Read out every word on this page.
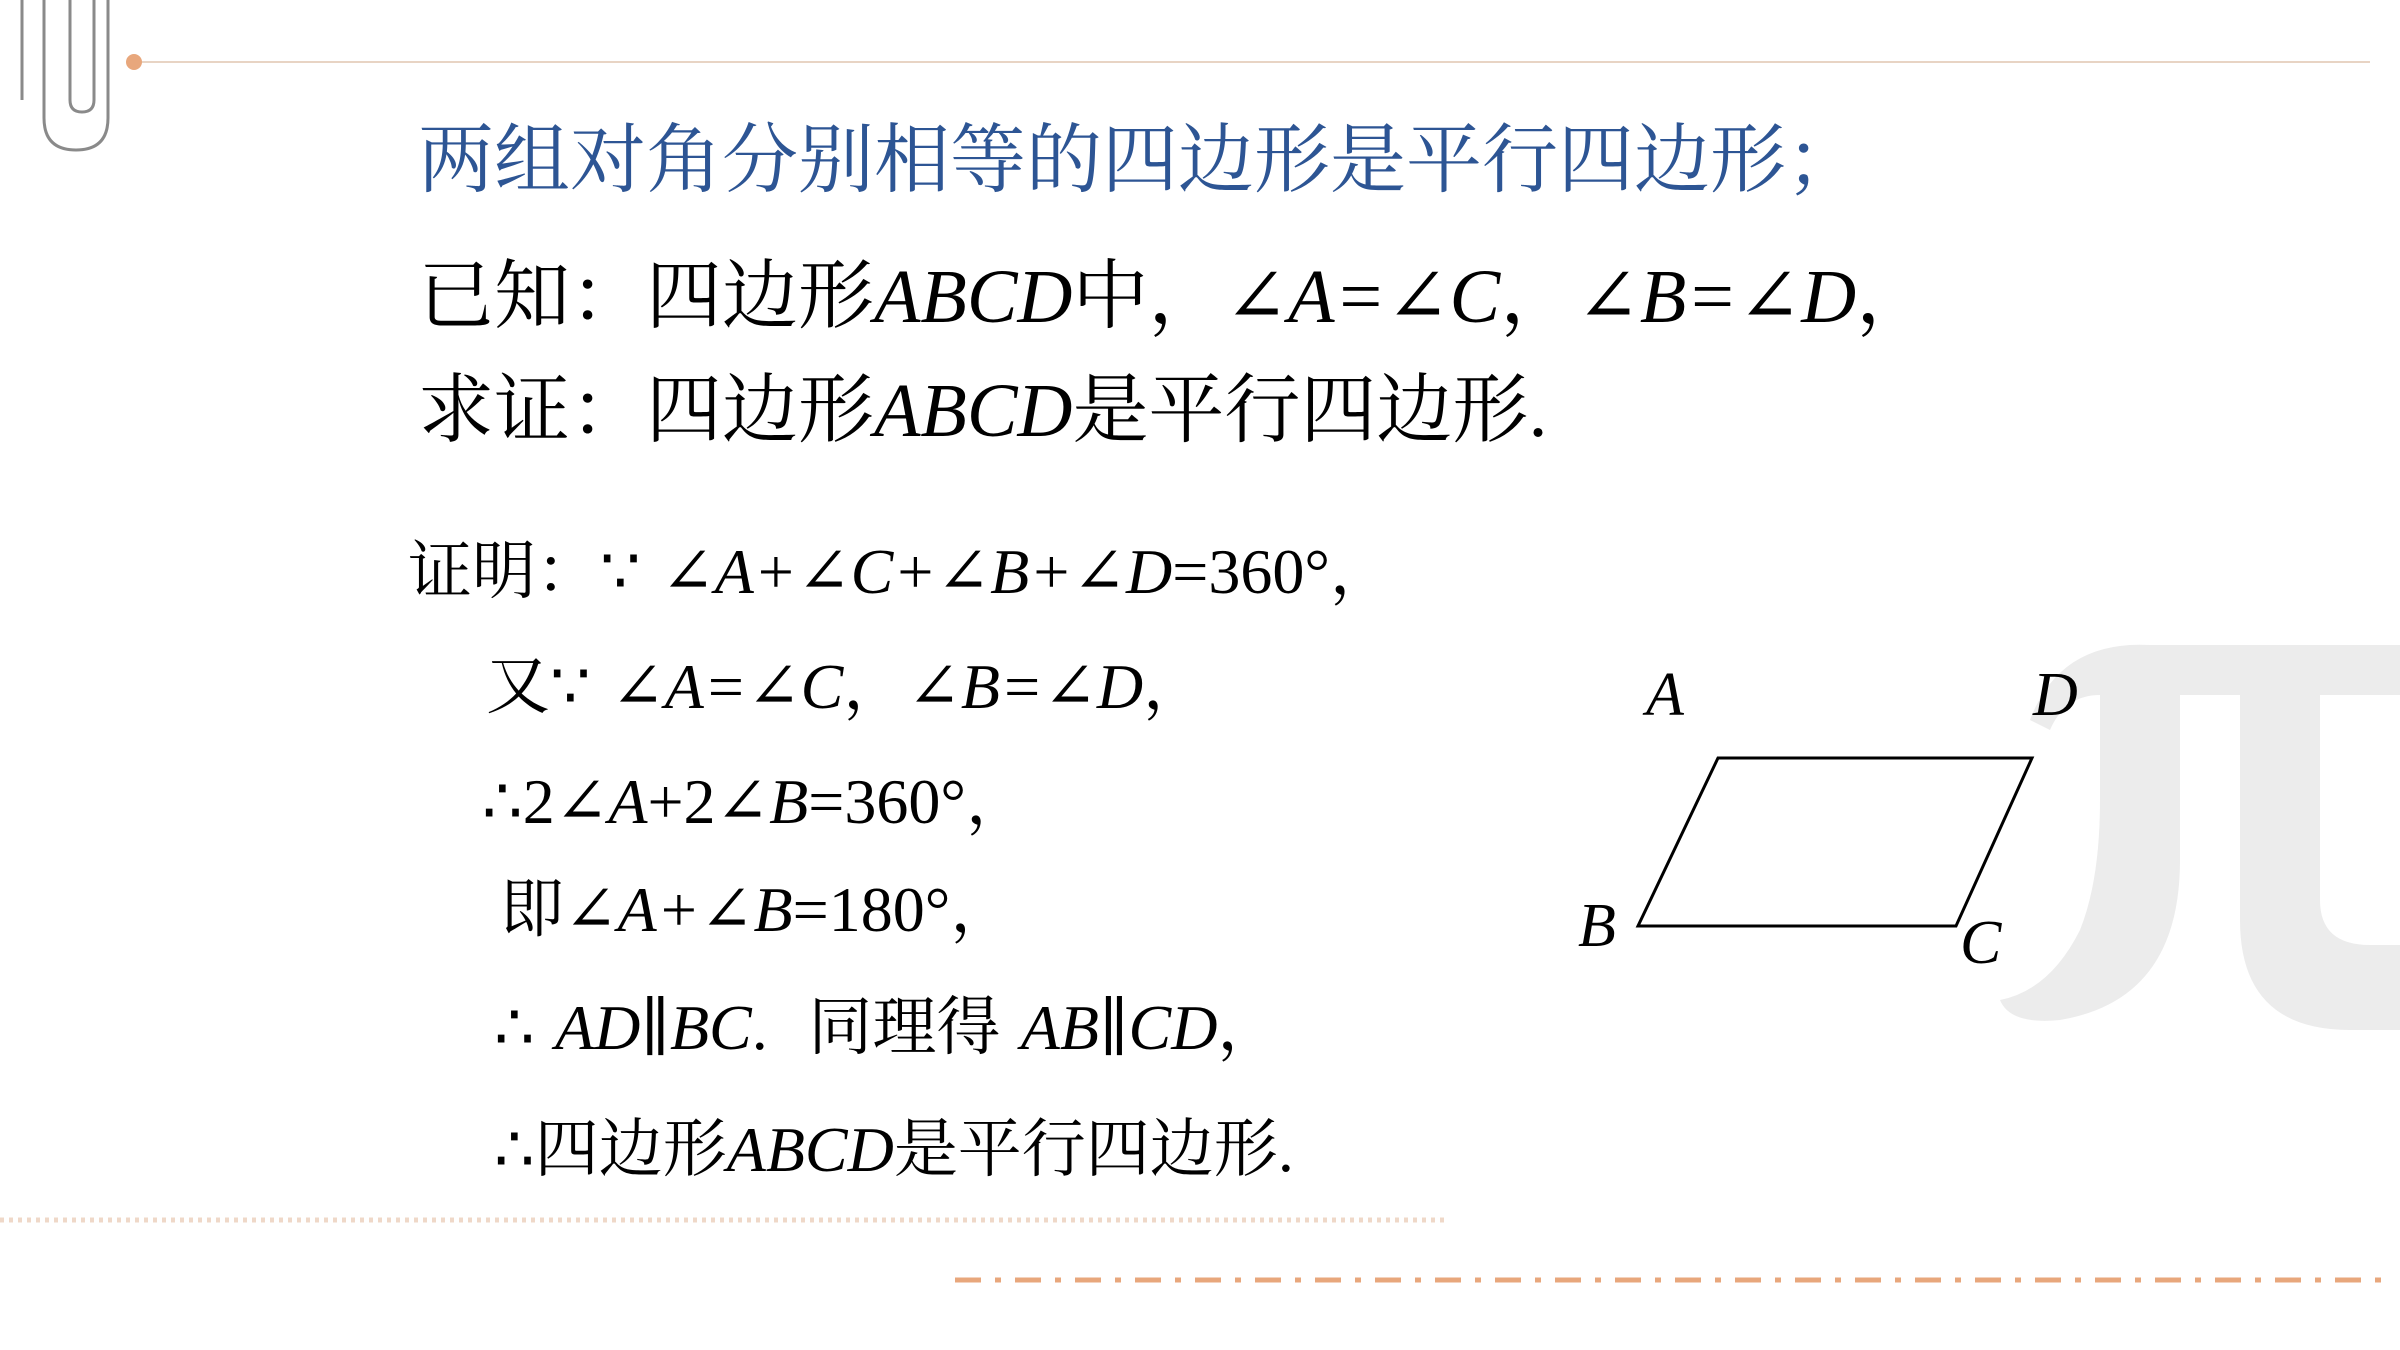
两组对角分别相等的四边形是平行四边形；
已知：四边形ABCD中，∠A=∠C，∠B=∠D，
求证：四边形ABCD是平行四边形.
证明：∵ ∠A+∠C+∠B+∠D=360°，
又∵ ∠A=∠C，∠B=∠D，
∴2∠A+2∠B=360°，
即∠A+∠B=180°，
∴ AD∥BC. 同理得 AB∥CD，
∴四边形ABCD是平行四边形.
A	D
B	C
